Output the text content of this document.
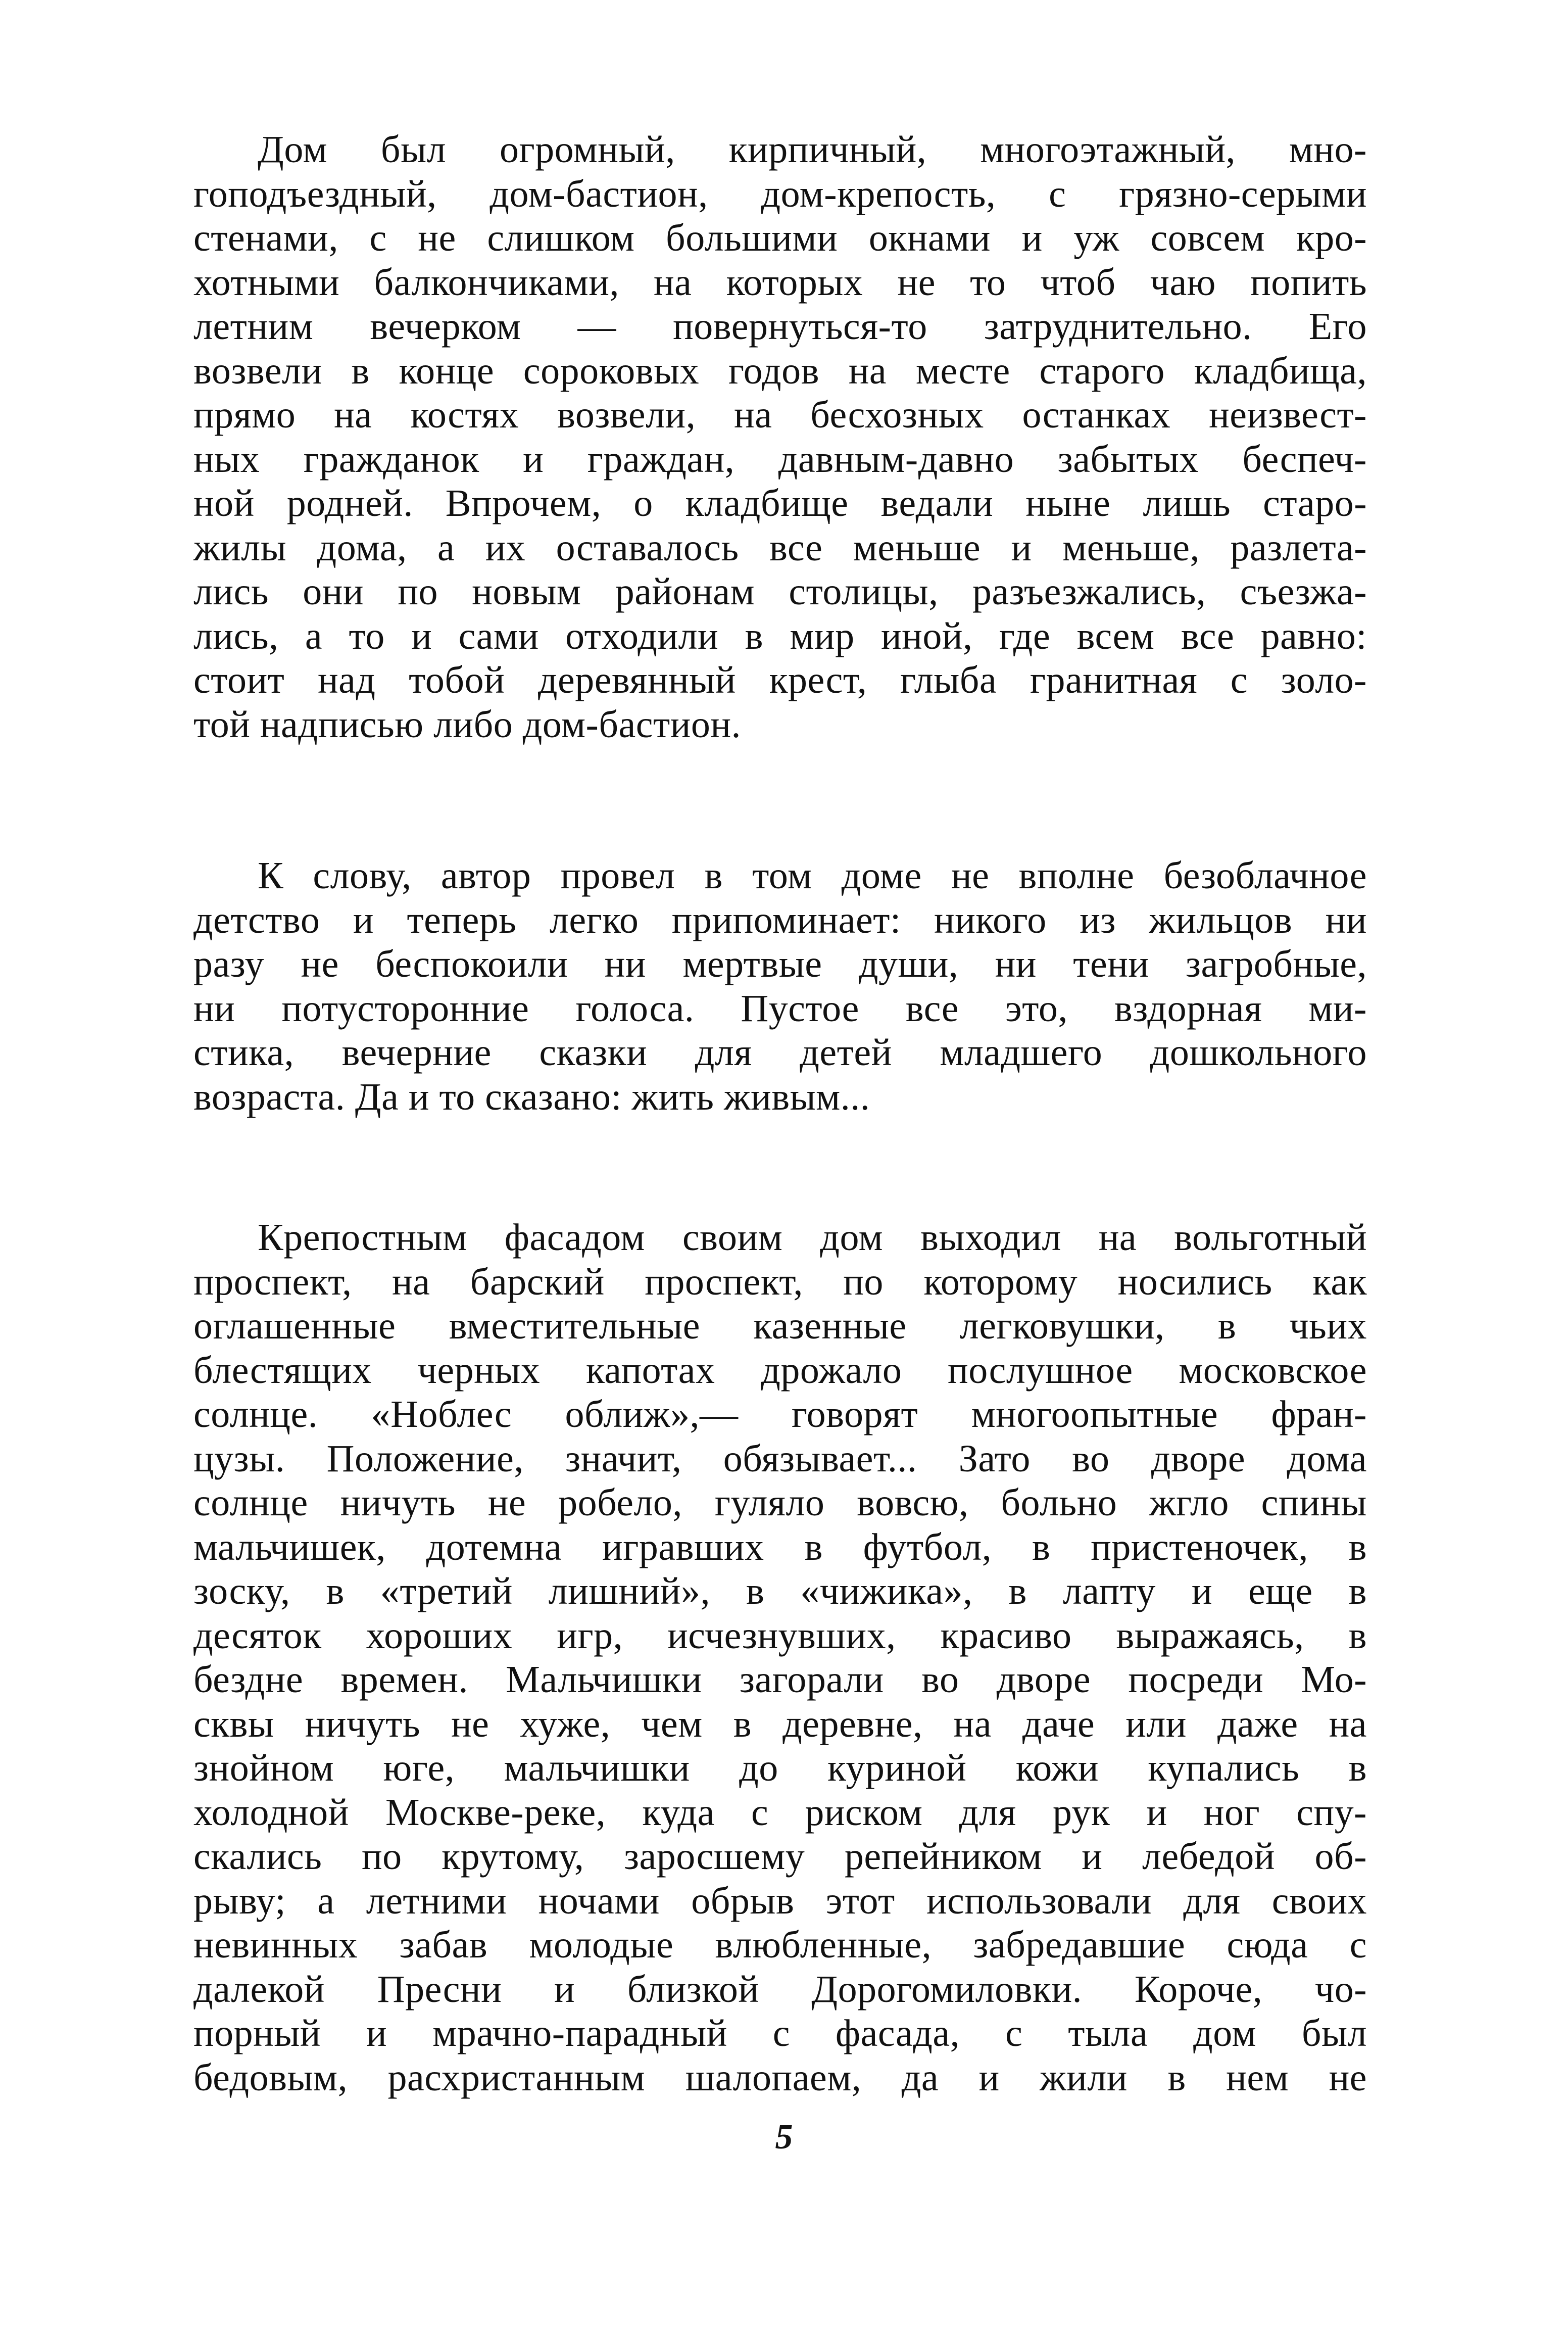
Дом был огромный, кирпичный, многоэтажный, мно-
гоподъездный, дом-бастион, дом-крепость, с грязно-серыми
стенами, с не слишком большими окнами и уж совсем кро-
хотными балкончиками, на которых не то чтоб чаю попить
летним вечерком — повернуться-то затруднительно. Его
возвели в конце сороковых годов на месте старого кладбища,
прямо на костях возвели, на бесхозных останках неизвест-
ных гражданок и граждан, давным-давно забытых беспеч-
ной родней. Впрочем, о кладбище ведали ныне лишь старо-
жилы дома, а их оставалось все меньше и меньше, разлета-
лись они по новым районам столицы, разъезжались, съезжа-
лись, а то и сами отходили в мир иной, где всем все равно:
стоит над тобой деревянный крест, глыба гранитная с золо-
той надписью либо дом-бастион.
К слову, автор провел в том доме не вполне безоблачное
детство и теперь легко припоминает: никого из жильцов ни
разу не беспокоили ни мертвые души, ни тени загробные,
ни потусторонние голоса. Пустое все это, вздорная ми-
стика, вечерние сказки для детей младшего дошкольного
возраста. Да и то сказано: жить живым...
Крепостным фасадом своим дом выходил на вольготный
проспект, на барский проспект, по которому носились как
оглашенные вместительные казенные легковушки, в чьих
блестящих черных капотах дрожало послушное московское
солнце. «Ноблес оближ»,— говорят многоопытные фран-
цузы. Положение, значит, обязывает... Зато во дворе дома
солнце ничуть не робело, гуляло вовсю, больно жгло спины
мальчишек, дотемна игравших в футбол, в пристеночек, в
зоску, в «третий лишний», в «чижика», в лапту и еще в
десяток хороших игр, исчезнувших, красиво выражаясь, в
бездне времен. Мальчишки загорали во дворе посреди Мо-
сквы ничуть не хуже, чем в деревне, на даче или даже на
знойном юге, мальчишки до куриной кожи купались в
холодной Москве-реке, куда с риском для рук и ног спу-
скались по крутому, заросшему репейником и лебедой об-
рыву; а летними ночами обрыв этот использовали для своих
невинных забав молодые влюбленные, забредавшие сюда с
далекой Пресни и близкой Дорогомиловки. Короче, чо-
порный и мрачно-парадный с фасада, с тыла дом был
бедовым, расхристанным шалопаем, да и жили в нем не
5
